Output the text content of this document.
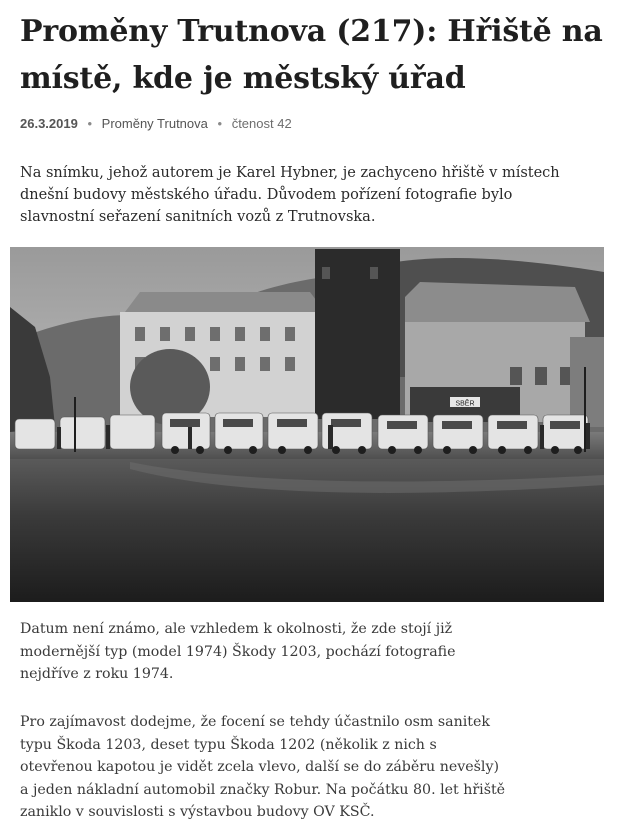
Proměny Trutnova (217): Hřiště na místě, kde je městský úřad
26.3.2019 • Proměny Trutnova • čtenost 42

Na snímku, jehož autorem je Karel Hybner, je zachyceno hřiště v místech dnešní budovy městského úřadu. Důvodem pořízení fotografie bylo slavnostní seřazení sanitních vozů z Trutnovska.

SBĚR

Datum není známo, ale vzhledem k okolnosti, že zde stojí již modernější typ (model 1974) Škody 1203, pochází fotografie nejdříve z roku 1974.

Pro zajímavost dodejme, že focení se tehdy účastnilo osm sanitek typu Škoda 1203, deset typu Škoda 1202 (několik z nich s otevřenou kapotou je vidět zcela vlevo, další se do záběru nevešly) a jeden nákladní automobil značky Robur. Na počátku 80. let hřiště zaniklo v souvislosti s výstavbou budovy OV KSČ.
